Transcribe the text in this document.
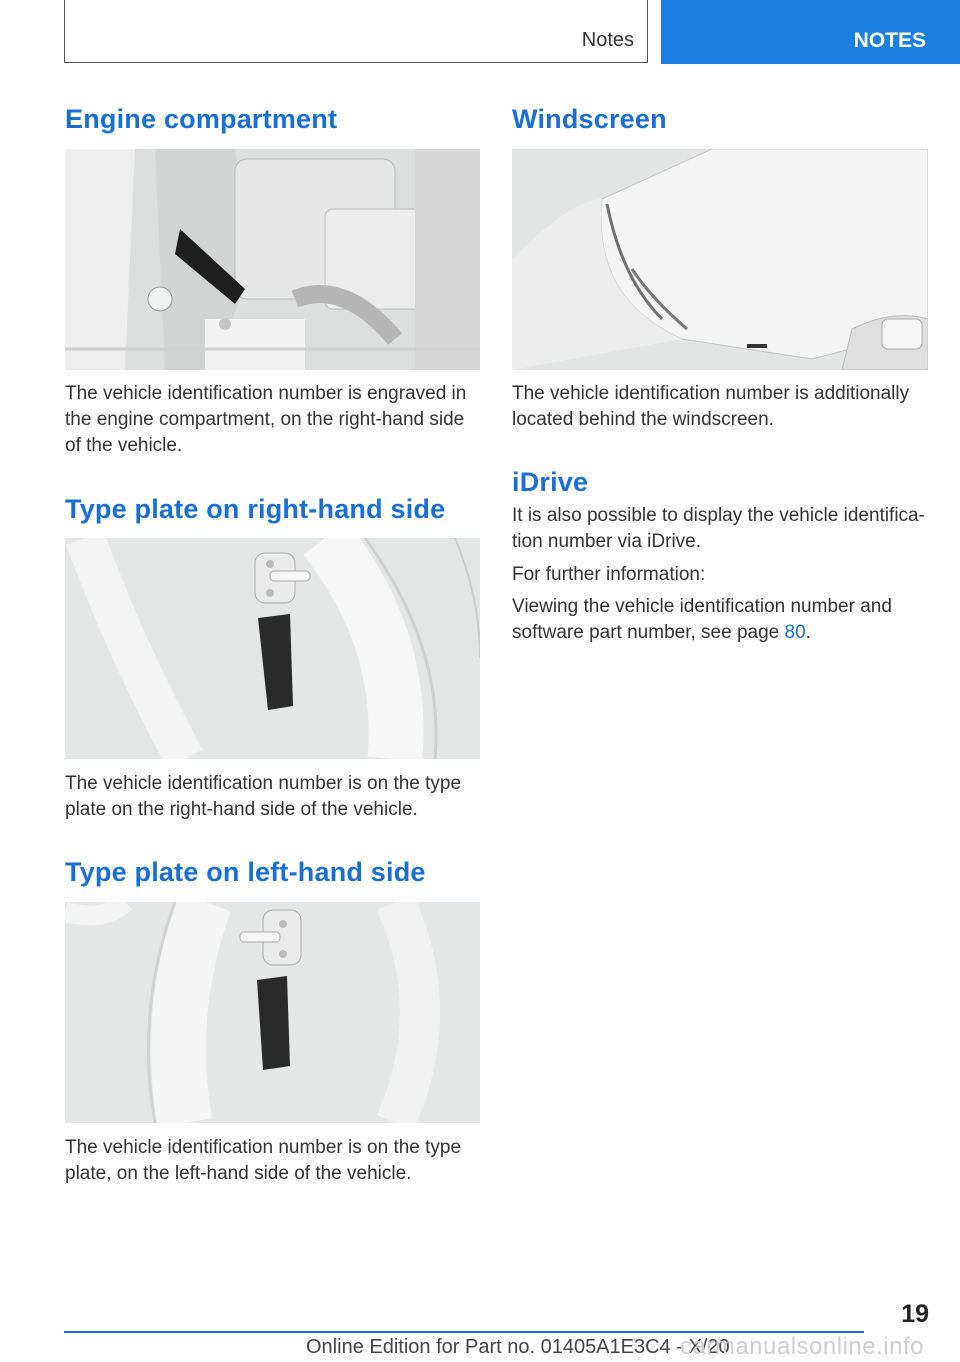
Notes	NOTES
Engine compartment

The vehicle identification number is engraved in the engine compartment, on the right-hand side of the vehicle.

Type plate on right-hand side

The vehicle identification number is on the type plate on the right-hand side of the vehicle.

Type plate on left-hand side

The vehicle identification number is on the type plate, on the left-hand side of the vehicle.

Windscreen

The vehicle identification number is additionally located behind the windscreen.

iDrive

It is also possible to display the vehicle identifica-tion number via iDrive.

For further information:

Viewing the vehicle identification number and software part number, see page 80.

19
Online Edition for Part no. 01405A1E3C4 - X/20
carmanualsonline.info
